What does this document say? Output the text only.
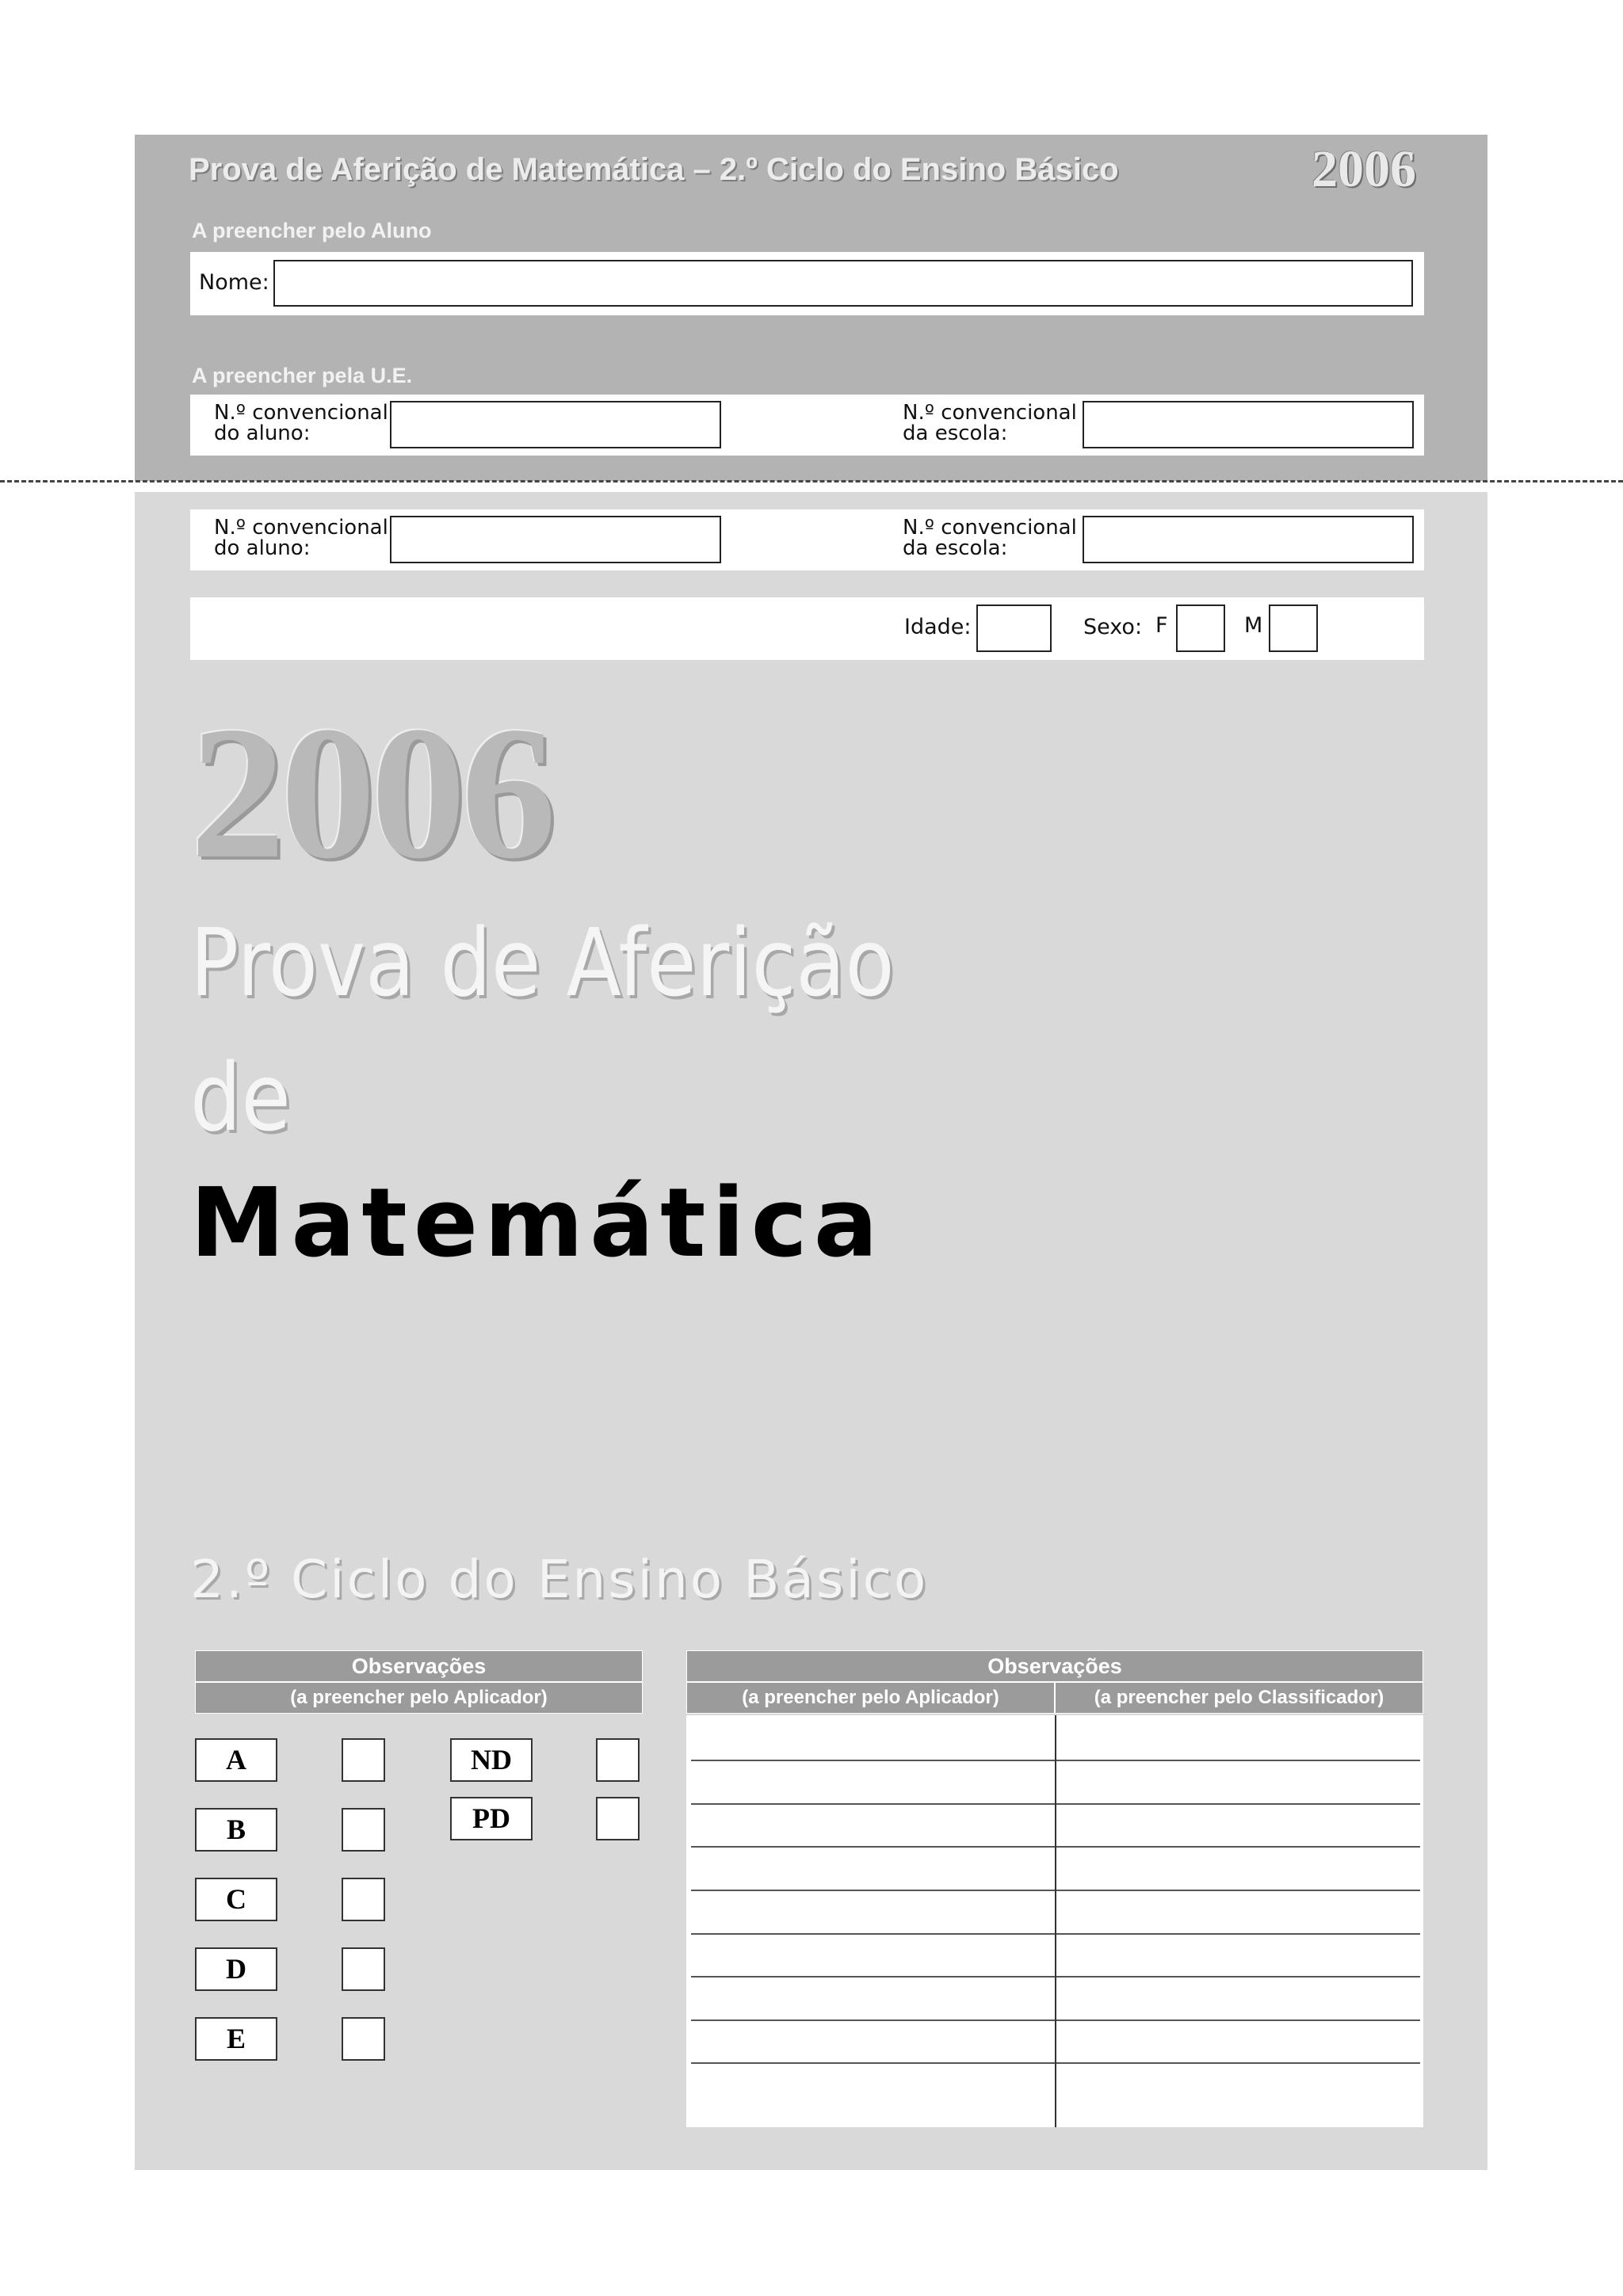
Prova de Aferição de Matemática – 2.º Ciclo do Ensino Básico	2006
A preencher pelo Aluno
Nome:
A preencher pela U.E.
N.º convencional
do aluno:
N.º convencional
da escola:
N.º convencional
do aluno:
N.º convencional
da escola:
Idade:	Sexo: F	M
2006
Prova de Aferição
de
Matemática
2.º Ciclo do Ensino Básico
Observações
(a preencher pelo Aplicador)
A
B
C
D
E
ND
PD
Observações
(a preencher pelo Aplicador)	(a preencher pelo Classificador)
